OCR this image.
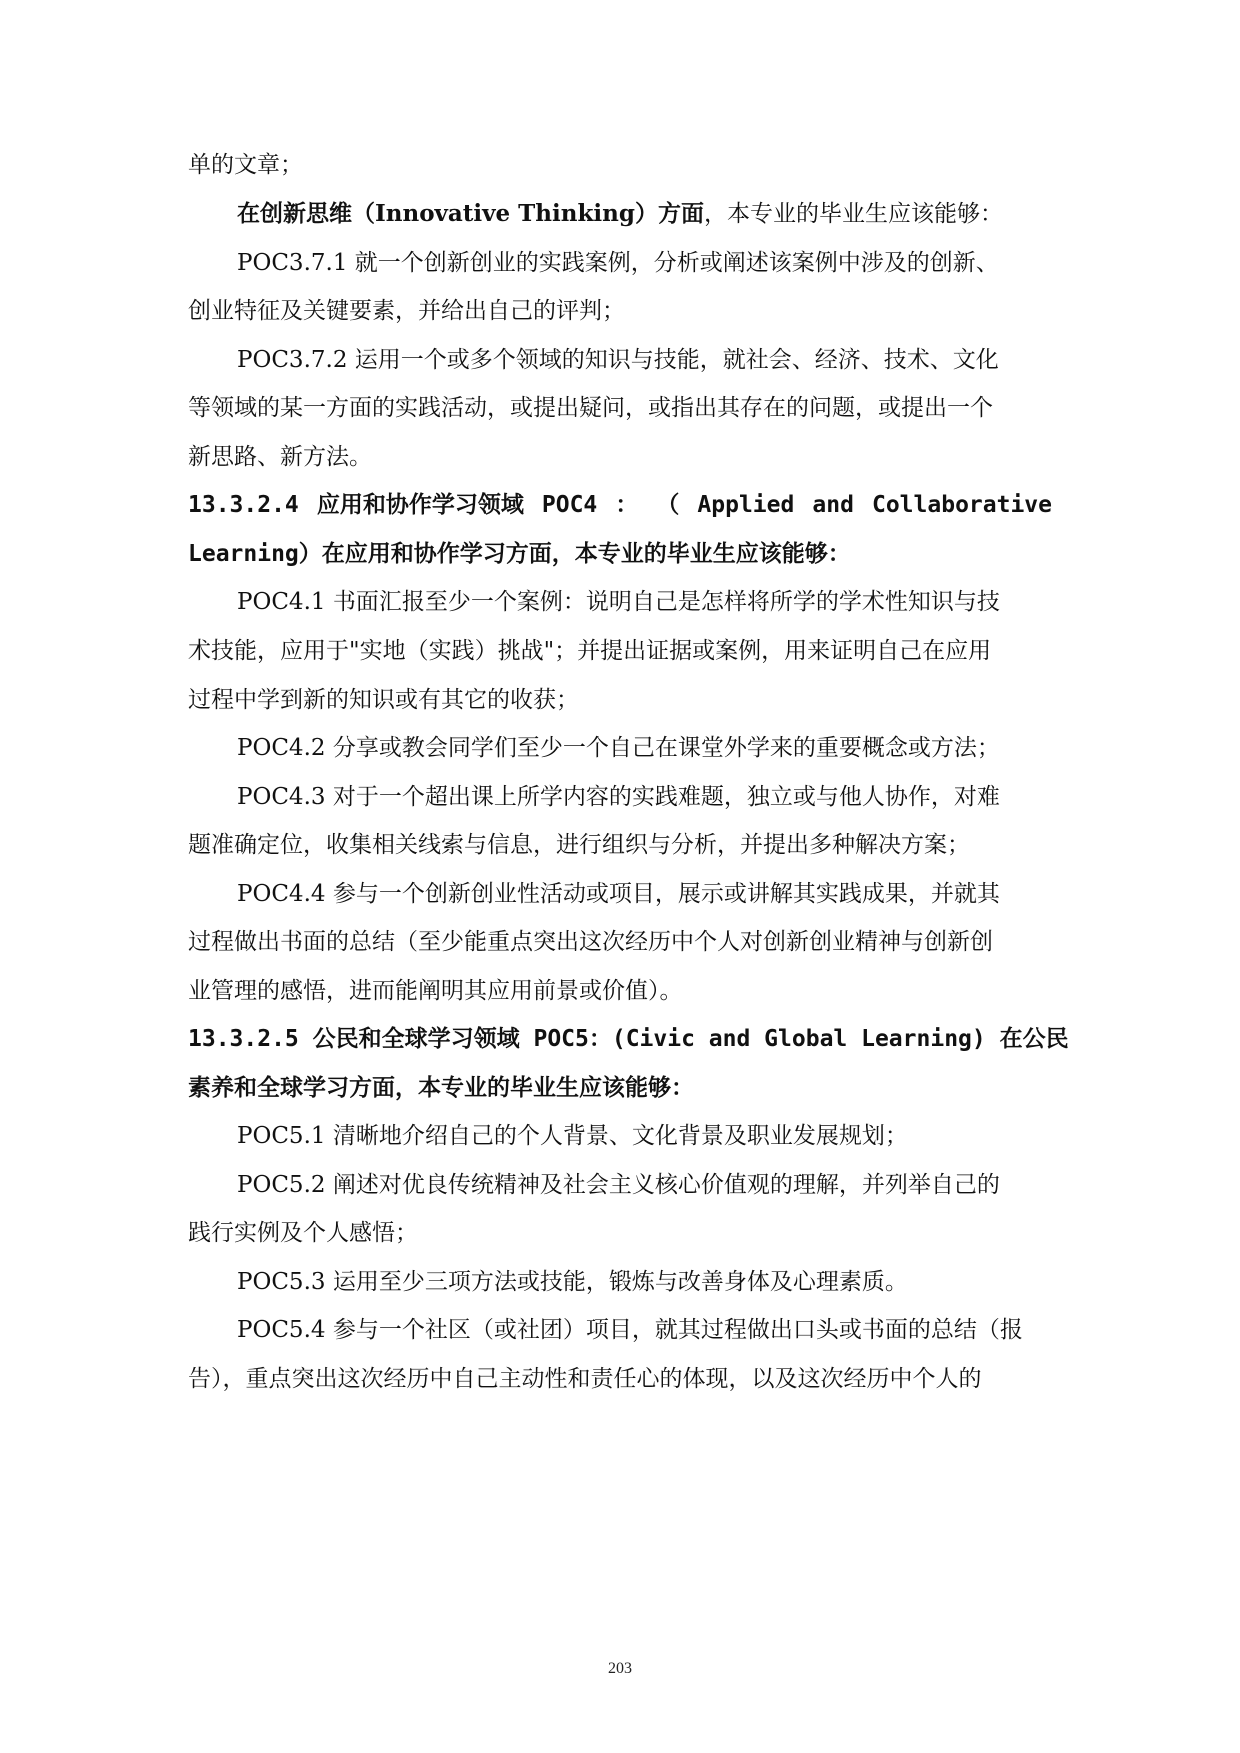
单的文章；
在创新思维（Innovative Thinking）方面，本专业的毕业生应该能够：
POC3.7.1 就一个创新创业的实践案例，分析或阐述该案例中涉及的创新、
创业特征及关键要素，并给出自己的评判；
POC3.7.2 运用一个或多个领域的知识与技能，就社会、经济、技术、文化
等领域的某一方面的实践活动，或提出疑问，或指出其存在的问题，或提出一个
新思路、新方法。
13.3.2.4 应用和协作学习领域 POC4 ： （ Applied and Collaborative
Learning）在应用和协作学习方面，本专业的毕业生应该能够：
POC4.1 书面汇报至少一个案例：说明自己是怎样将所学的学术性知识与技
术技能，应用于"实地（实践）挑战"；并提出证据或案例，用来证明自己在应用
过程中学到新的知识或有其它的收获；
POC4.2 分享或教会同学们至少一个自己在课堂外学来的重要概念或方法；
POC4.3 对于一个超出课上所学内容的实践难题，独立或与他人协作，对难
题准确定位，收集相关线索与信息，进行组织与分析，并提出多种解决方案；
POC4.4 参与一个创新创业性活动或项目，展示或讲解其实践成果，并就其
过程做出书面的总结（至少能重点突出这次经历中个人对创新创业精神与创新创
业管理的感悟，进而能阐明其应用前景或价值）。
13.3.2.5 公民和全球学习领域 POC5：(Civic and Global Learning) 在公民
素养和全球学习方面，本专业的毕业生应该能够：
POC5.1 清晰地介绍自己的个人背景、文化背景及职业发展规划；
POC5.2 阐述对优良传统精神及社会主义核心价值观的理解，并列举自己的
践行实例及个人感悟；
POC5.3 运用至少三项方法或技能，锻炼与改善身体及心理素质。
POC5.4 参与一个社区（或社团）项目，就其过程做出口头或书面的总结（报
告），重点突出这次经历中自己主动性和责任心的体现，以及这次经历中个人的
203
